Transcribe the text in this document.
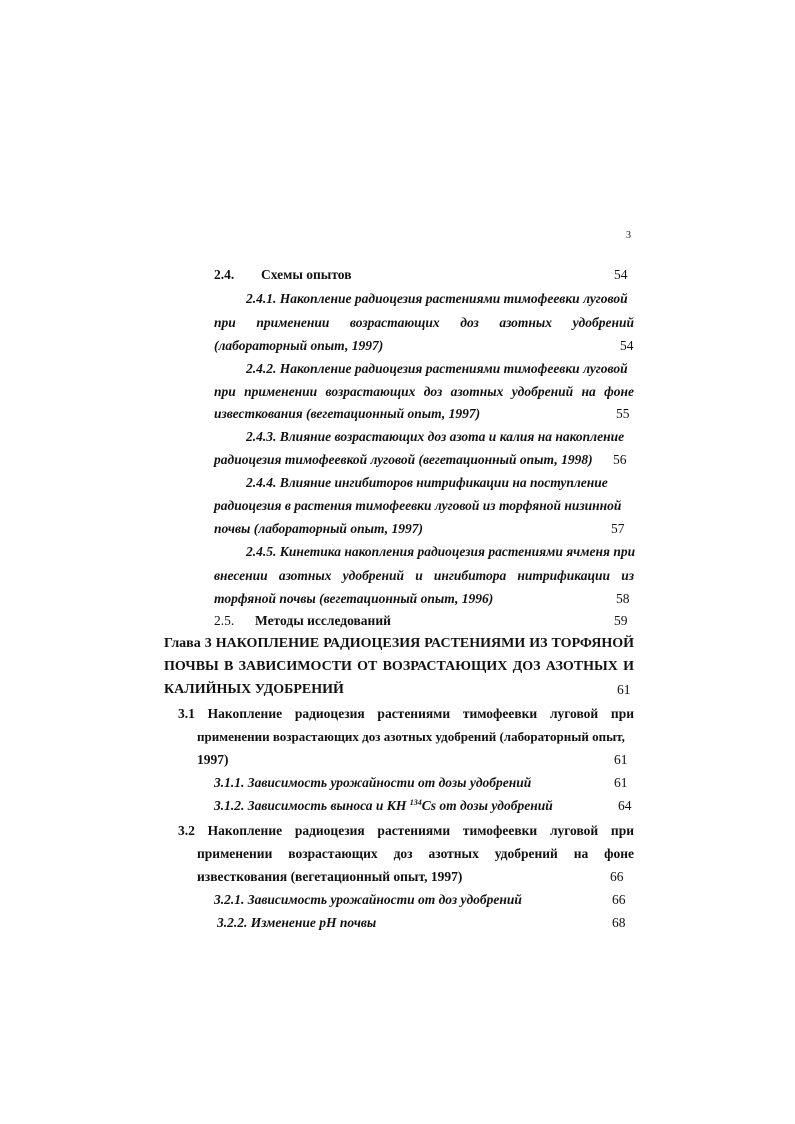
3
2.4. Схемы опытов	54
2.4.1. Накопление радиоцезия растениями тимофеевки луговой
при применении возрастающих доз азотных удобрений
(лабораторный опыт, 1997)	54
2.4.2. Накопление радиоцезия растениями тимофеевки луговой
при применении возрастающих доз азотных удобрений на фоне
известкования (вегетационный опыт, 1997)	55
2.4.3. Влияние возрастающих доз азота и калия на накопление
радиоцезия тимофеевкой луговой (вегетационный опыт, 1998) 56
2.4.4. Влияние ингибиторов нитрификации на поступление
радиоцезия в растения тимофеевки луговой из торфяной низинной
почвы (лабораторный опыт, 1997)	57
2.4.5. Кинетика накопления радиоцезия растениями ячменя при
внесении азотных удобрений и ингибитора нитрификации из
торфяной почвы (вегетационный опыт, 1996)	58
2.5. Методы исследований	59
Глава 3 НАКОПЛЕНИЕ РАДИОЦЕЗИЯ РАСТЕНИЯМИ ИЗ ТОРФЯНОЙ
ПОЧВЫ В ЗАВИСИМОСТИ ОТ ВОЗРАСТАЮЩИХ ДОЗ АЗОТНЫХ И
КАЛИЙНЫХ УДОБРЕНИЙ	61
3.1 Накопление радиоцезия растениями тимофеевки луговой при
применении возрастающих доз азотных удобрений (лабораторный опыт,
1997)	61
3.1.1. Зависимость урожайности от дозы удобрений	61
3.1.2. Зависимость выноса и КН $^{134}$Cs от дозы удобрений	64
3.2 Накопление радиоцезия растениями тимофеевки луговой при
применении возрастающих доз азотных удобрений на фоне
известкования (вегетационный опыт, 1997)	66
3.2.1. Зависимость урожайности от доз удобрений	66
3.2.2. Изменение рН почвы	68
